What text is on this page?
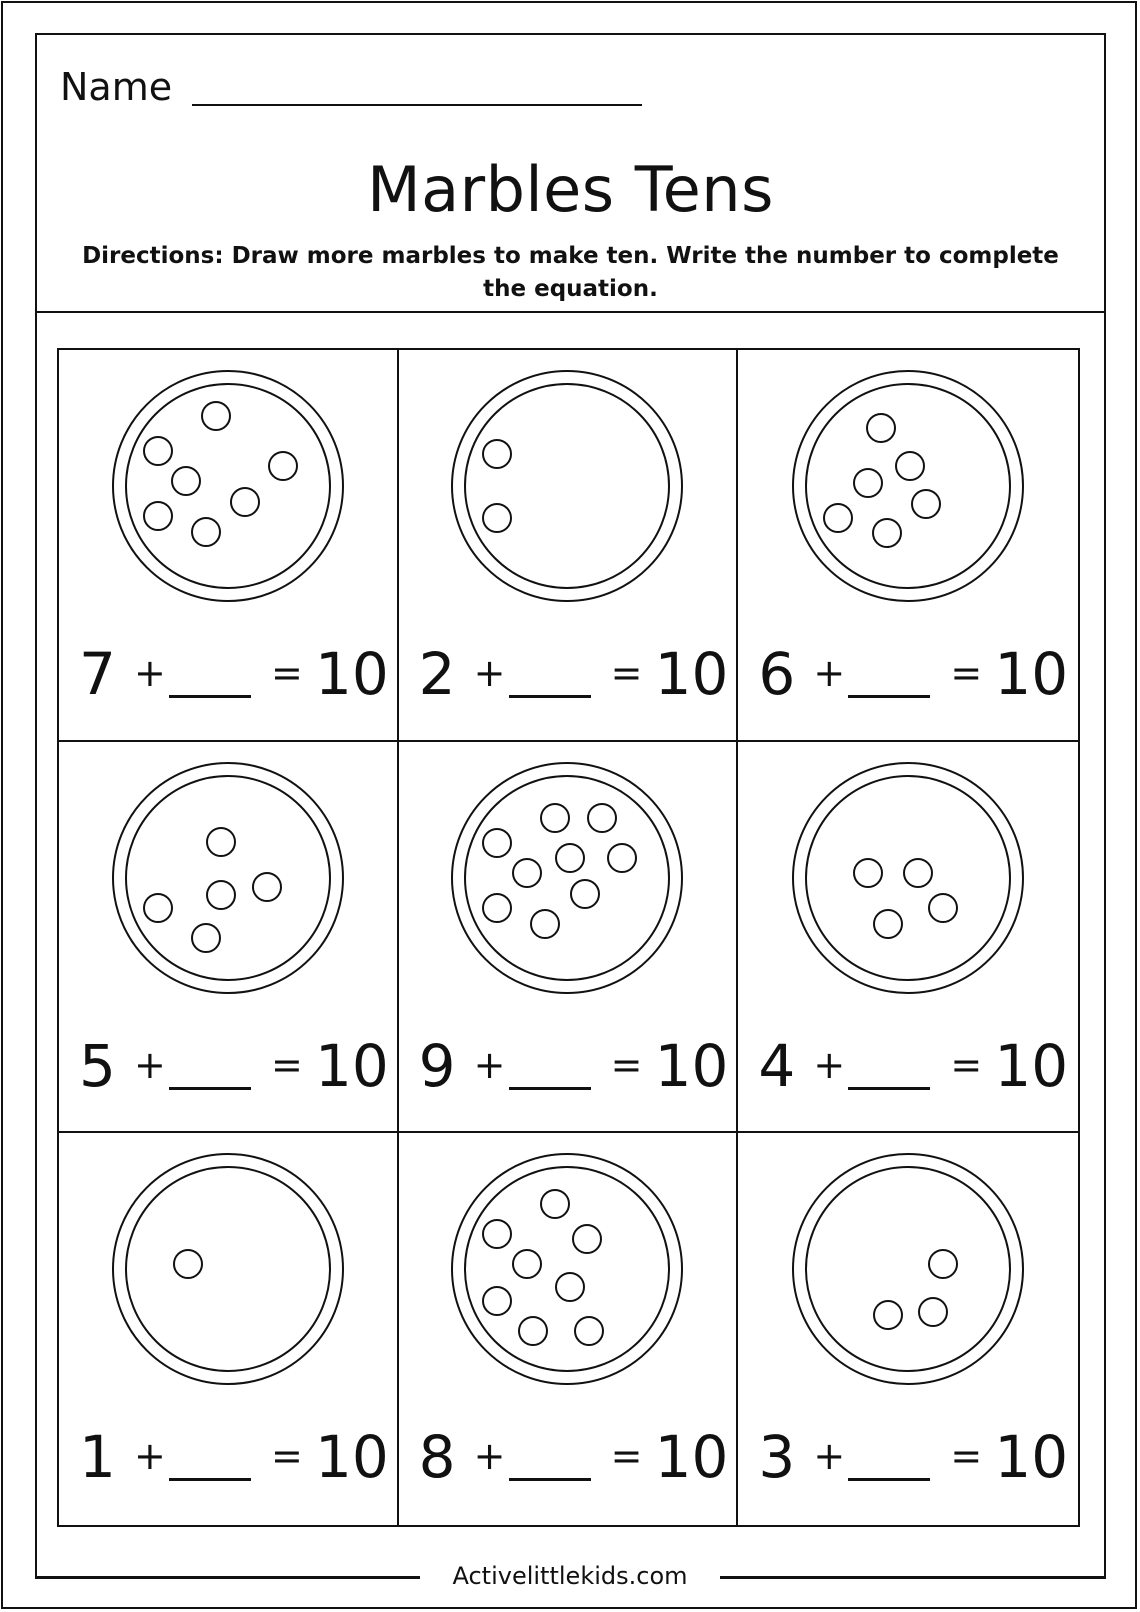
Name
Marbles Tens
Directions: Draw more marbles to make ten. Write the number to complete the equation.
7 +	= 10 2 +	= 10 6 +	= 10
5 +	= 10 9 +	= 10 4 +	= 10
1 +	= 10 8 +	= 10 3 +	= 10
Activelittlekids.com
